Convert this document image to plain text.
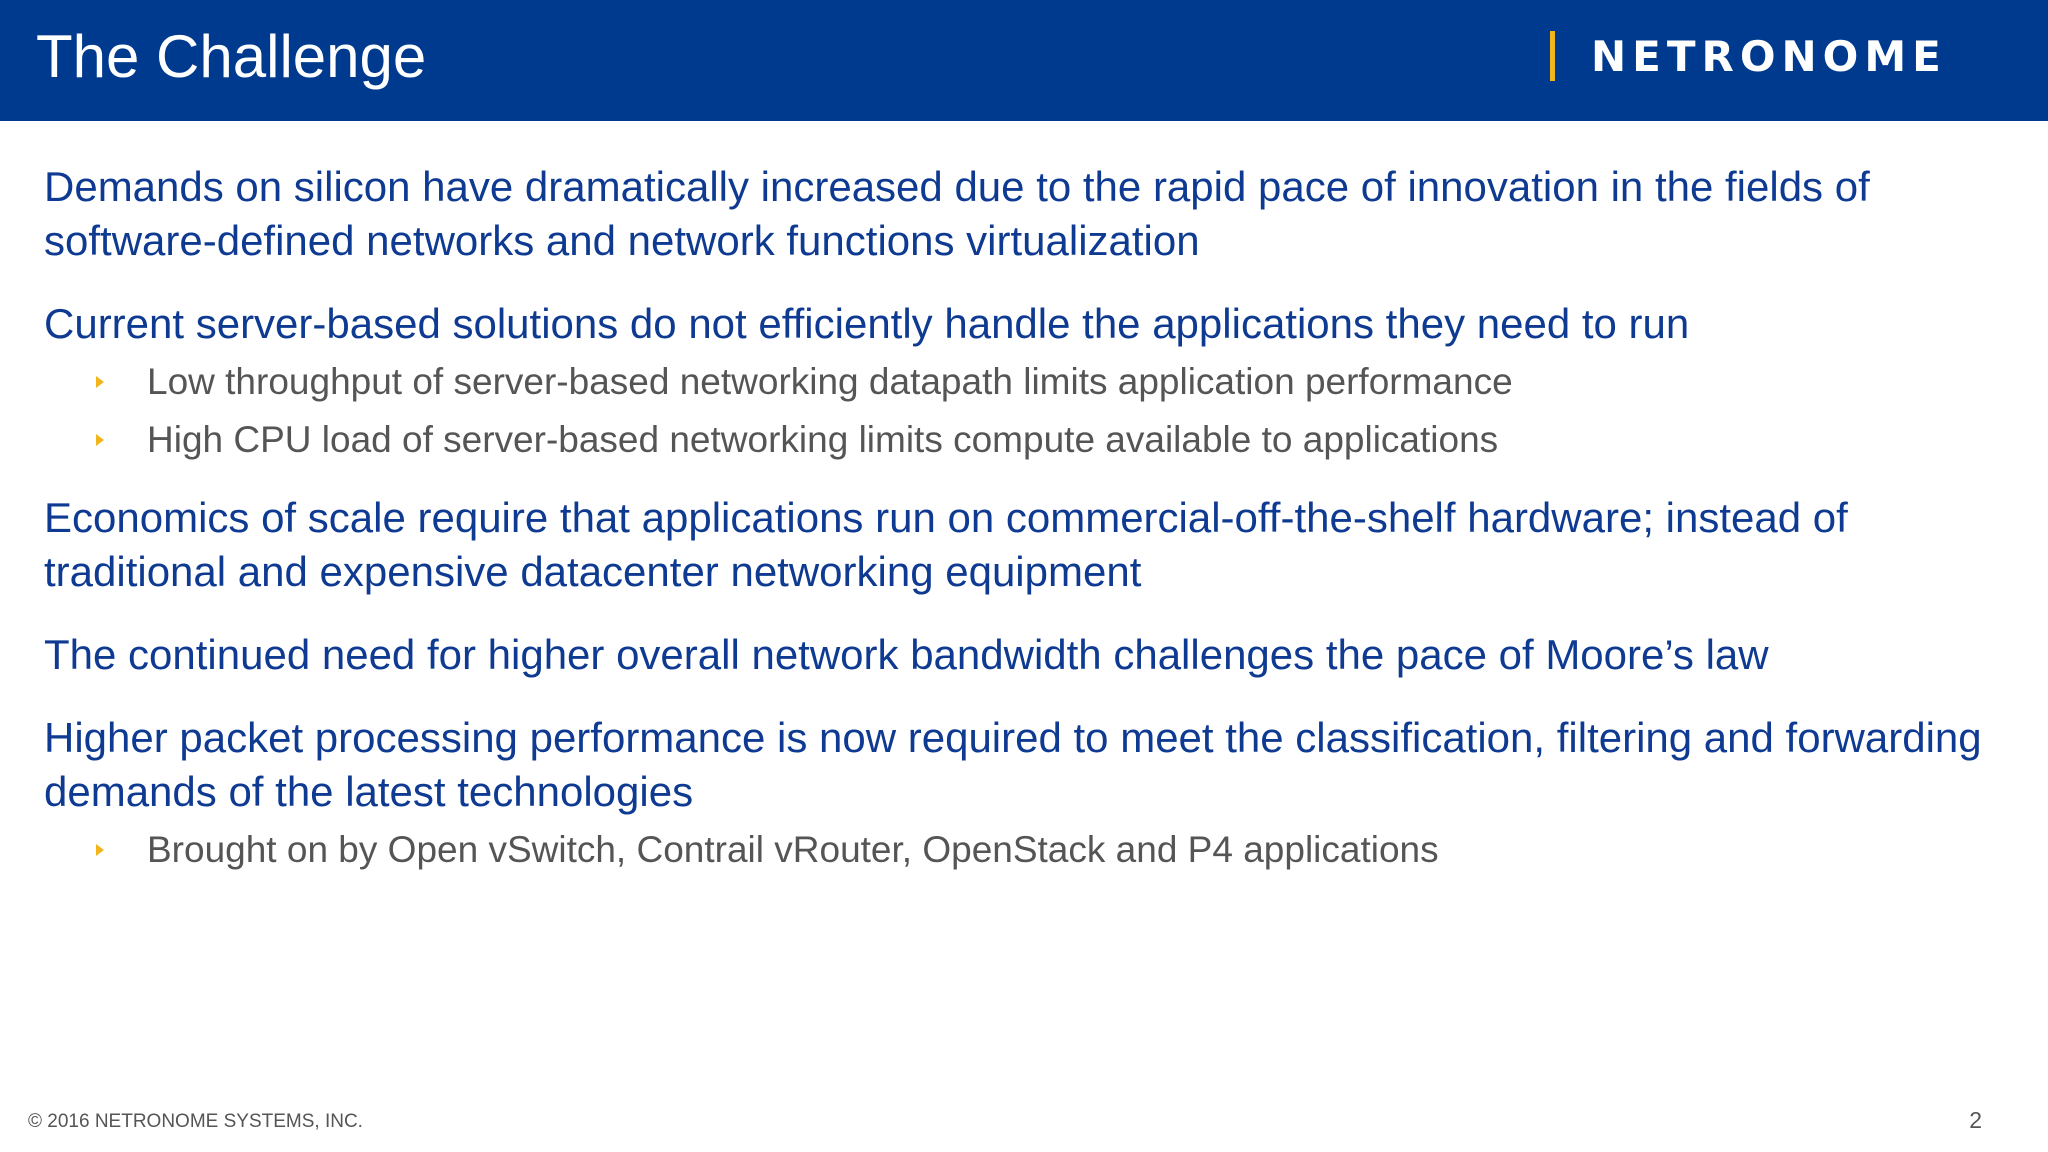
The Challenge	NETRONOME

Demands on silicon have dramatically increased due to the rapid pace of innovation in the fields of software-defined networks and network functions virtualization

Current server-based solutions do not efficiently handle the applications they need to run

Low throughput of server-based networking datapath limits application performance

High CPU load of server-based networking limits compute available to applications

Economics of scale require that applications run on commercial-off-the-shelf hardware; instead of traditional and expensive datacenter networking equipment

The continued need for higher overall network bandwidth challenges the pace of Moore’s law

Higher packet processing performance is now required to meet the classification, filtering and forwarding demands of the latest technologies

Brought on by Open vSwitch, Contrail vRouter, OpenStack and P4 applications

© 2016 NETRONOME SYSTEMS, INC.	2
